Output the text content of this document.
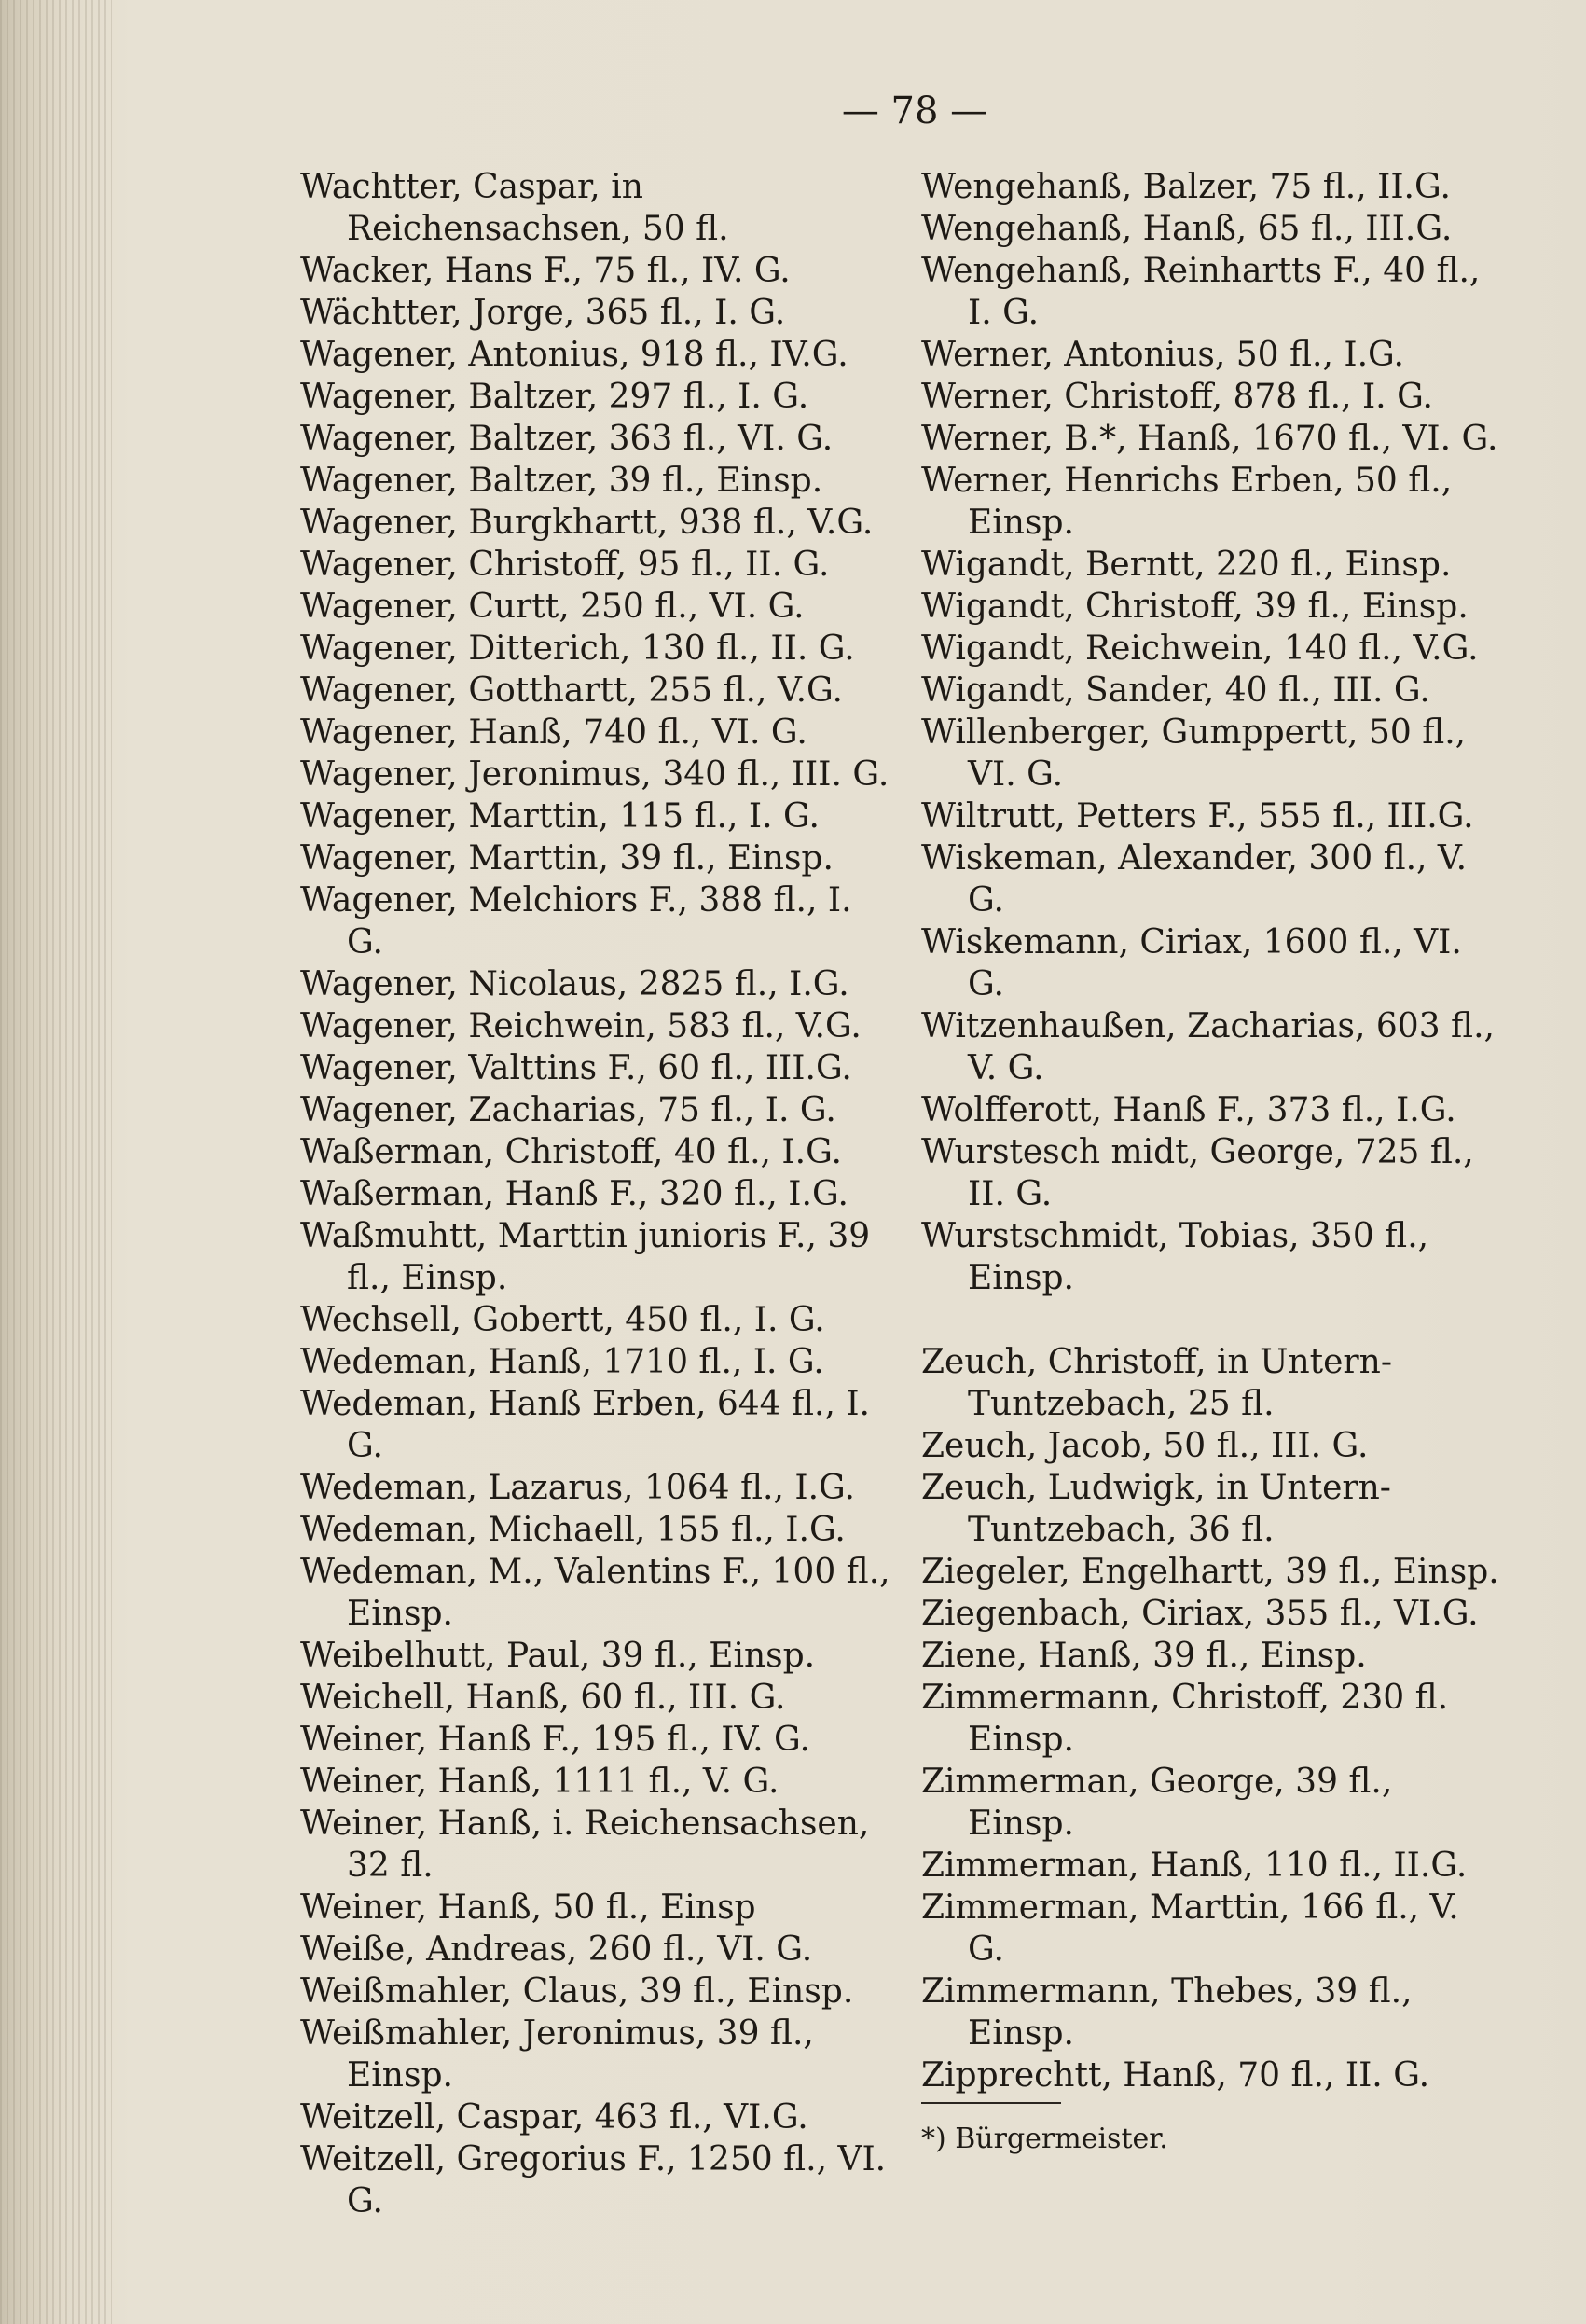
— 78 —
Wachtter, Caspar, in Reichensachsen, 50 fl.
Wacker, Hans F., 75 fl., IV. G.
Wächtter, Jorge, 365 fl., I. G.
Wagener, Antonius, 918 fl., IV.G.
Wagener, Baltzer, 297 fl., I. G.
Wagener, Baltzer, 363 fl., VI. G.
Wagener, Baltzer, 39 fl., Einsp.
Wagener, Burgkhartt, 938 fl., V.G.
Wagener, Christoff, 95 fl., II. G.
Wagener, Curtt, 250 fl., VI. G.
Wagener, Ditterich, 130 fl., II. G.
Wagener, Gotthartt, 255 fl., V.G.
Wagener, Hanß, 740 fl., VI. G.
Wagener, Jeronimus, 340 fl., III. G.
Wagener, Marttin, 115 fl., I. G.
Wagener, Marttin, 39 fl., Einsp.
Wagener, Melchiors F., 388 fl., I. G.
Wagener, Nicolaus, 2825 fl., I.G.
Wagener, Reichwein, 583 fl., V.G.
Wagener, Valttins F., 60 fl., III.G.
Wagener, Zacharias, 75 fl., I. G.
Waßerman, Christoff, 40 fl., I.G.
Waßerman, Hanß F., 320 fl., I.G.
Waßmuhtt, Marttin junioris F., 39 fl., Einsp.
Wechsell, Gobertt, 450 fl., I. G.
Wedeman, Hanß, 1710 fl., I. G.
Wedeman, Hanß Erben, 644 fl., I. G.
Wedeman, Lazarus, 1064 fl., I.G.
Wedeman, Michaell, 155 fl., I.G.
Wedeman, M., Valentins F., 100 fl., Einsp.
Weibelhutt, Paul, 39 fl., Einsp.
Weichell, Hanß, 60 fl., III. G.
Weiner, Hanß F., 195 fl., IV. G.
Weiner, Hanß, 1111 fl., V. G.
Weiner, Hanß, i. Reichensachsen, 32 fl.
Weiner, Hanß, 50 fl., Einsp
Weiße, Andreas, 260 fl., VI. G.
Weißmahler, Claus, 39 fl., Einsp.
Weißmahler, Jeronimus, 39 fl., Einsp.
Weitzell, Caspar, 463 fl., VI.G.
Weitzell, Gregorius F., 1250 fl., VI. G.
Wengehanß, Balzer, 75 fl., II.G.
Wengehanß, Hanß, 65 fl., III.G.
Wengehanß, Reinhartts F., 40 fl., I. G.
Werner, Antonius, 50 fl., I.G.
Werner, Christoff, 878 fl., I. G.
Werner, B.*, Hanß, 1670 fl., VI. G.
Werner, Henrichs Erben, 50 fl., Einsp.
Wigandt, Berntt, 220 fl., Einsp.
Wigandt, Christoff, 39 fl., Einsp.
Wigandt, Reichwein, 140 fl., V.G.
Wigandt, Sander, 40 fl., III. G.
Willenberger, Gumppertt, 50 fl., VI. G.
Wiltrutt, Petters F., 555 fl., III.G.
Wiskeman, Alexander, 300 fl., V. G.
Wiskemann, Ciriax, 1600 fl., VI. G.
Witzenhaußen, Zacharias, 603 fl., V. G.
Wolfferott, Hanß F., 373 fl., I.G.
Wurstesch midt, George, 725 fl., II. G.
Wurstschmidt, Tobias, 350 fl., Einsp.
Zeuch, Christoff, in Untern-Tuntzebach, 25 fl.
Zeuch, Jacob, 50 fl., III. G.
Zeuch, Ludwigk, in Untern-Tuntzebach, 36 fl.
Ziegeler, Engelhartt, 39 fl., Einsp.
Ziegenbach, Ciriax, 355 fl., VI.G.
Ziene, Hanß, 39 fl., Einsp.
Zimmermann, Christoff, 230 fl. Einsp.
Zimmerman, George, 39 fl., Einsp.
Zimmerman, Hanß, 110 fl., II.G.
Zimmerman, Marttin, 166 fl., V. G.
Zimmermann, Thebes, 39 fl., Einsp.
Zipprechtt, Hanß, 70 fl., II. G.
*) Bürgermeister.
